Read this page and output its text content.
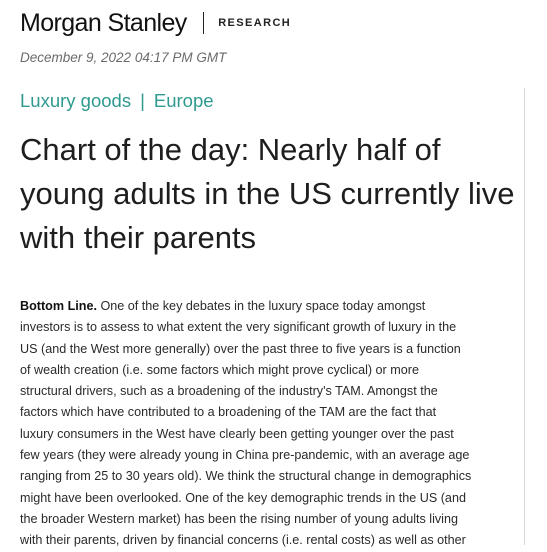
Morgan Stanley	RESEARCH
December 9, 2022 04:17 PM GMT
Luxury goods | Europe
Chart of the day: Nearly half of young adults in the US currently live with their parents

Bottom Line. One of the key debates in the luxury space today amongst
investors is to assess to what extent the very significant growth of luxury in the
US (and the West more generally) over the past three to five years is a function
of wealth creation (i.e. some factors which might prove cyclical) or more
structural drivers, such as a broadening of the industry's TAM. Amongst the
factors which have contributed to a broadening of the TAM are the fact that
luxury consumers in the West have clearly been getting younger over the past
few years (they were already young in China pre-pandemic, with an average age
ranging from 25 to 30 years old). We think the structural change in demographics
might have been overlooked. One of the key demographic trends in the US (and
the broader Western market) has been the rising number of young adults living
with their parents, driven by financial concerns (i.e. rental costs) as well as other
